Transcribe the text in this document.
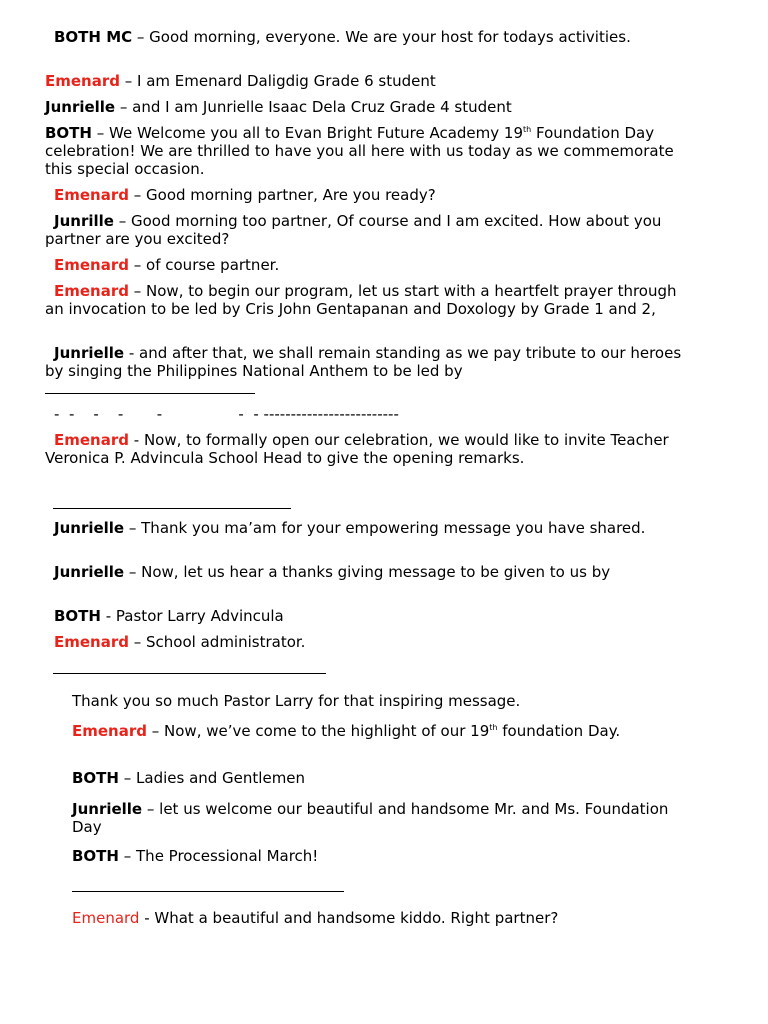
BOTH MC – Good morning, everyone. We are your host for todays activities.

Emenard – I am Emenard Daligdig Grade 6 student

Junrielle – and I am Junrielle Isaac Dela Cruz Grade 4 student

BOTH – We Welcome you all to Evan Bright Future Academy 19th Foundation Day celebration! We are thrilled to have you all here with us today as we commemorate this special occasion.

Emenard – Good morning partner, Are you ready?

Junrille – Good morning too partner, Of course and I am excited. How about you partner are you excited?

Emenard – of course partner.

Emenard – Now, to begin our program, let us start with a heartfelt prayer through an invocation to be led by Cris John Gentapanan and Doxology by Grade 1 and 2,

Junrielle - and after that, we shall remain standing as we pay tribute to our heroes by singing the Philippines National Anthem to be led by

-  -    -    -       -                -  - -------------------------

Emenard - Now, to formally open our celebration, we would like to invite Teacher Veronica P. Advincula School Head to give the opening remarks.

Junrielle – Thank you ma’am for your empowering message you have shared.

Junrielle – Now, let us hear a thanks giving message to be given to us by

BOTH - Pastor Larry Advincula

Emenard – School administrator.

Thank you so much Pastor Larry for that inspiring message.

Emenard – Now, we’ve come to the highlight of our 19th foundation Day.

BOTH – Ladies and Gentlemen

Junrielle – let us welcome our beautiful and handsome Mr. and Ms. Foundation Day

BOTH – The Processional March!

Emenard - What a beautiful and handsome kiddo. Right partner?
